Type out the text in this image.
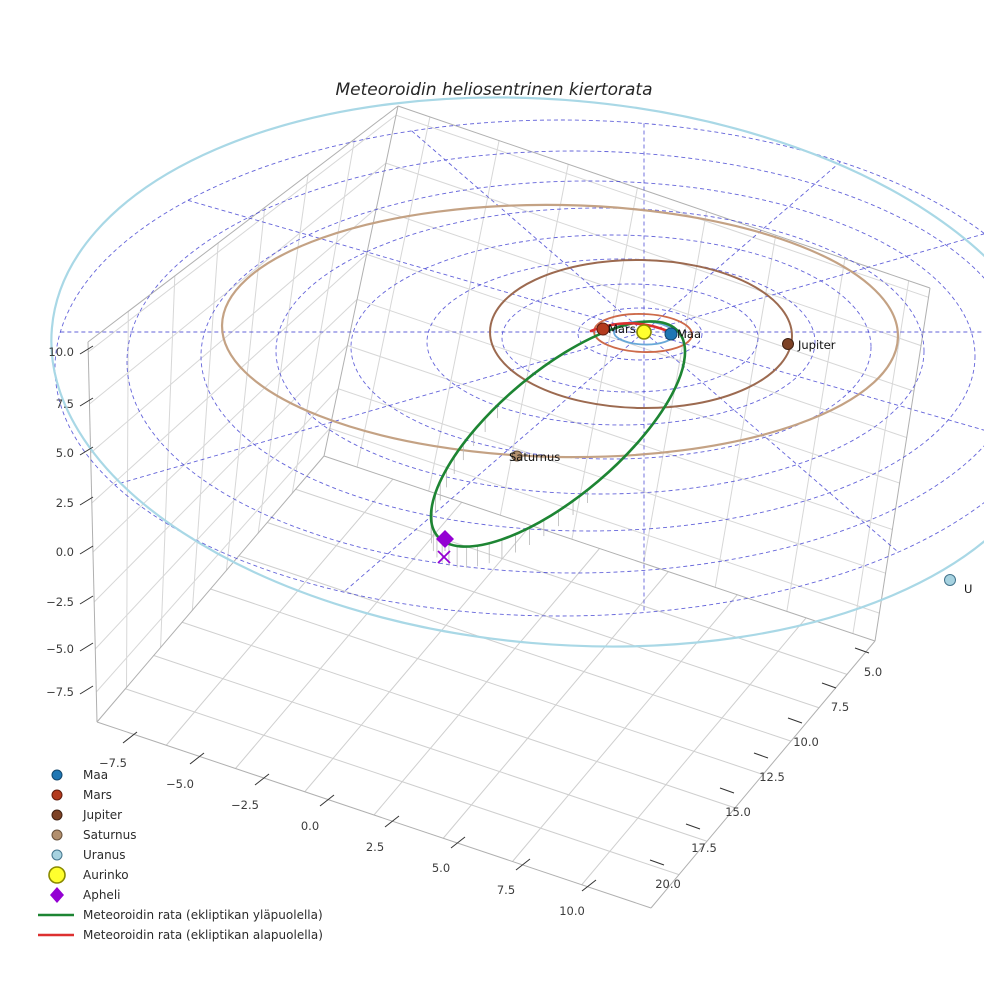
Maa
Mars
Jupiter
Saturnus
U
−7.5
−5.0
−2.5
0.0
2.5
5.0
7.5
10.0
5.0
7.5
10.0
12.5
15.0
17.5
20.0
10.0
7.5
5.0
2.5
0.0
−2.5
−5.0
−7.5
Maa
Mars
Jupiter
Saturnus
Uranus
Aurinko
Apheli
Meteoroidin rata (ekliptikan yläpuolella)
Meteoroidin rata (ekliptikan alapuolella)
Meteoroidin heliosentrinen kiertorata
